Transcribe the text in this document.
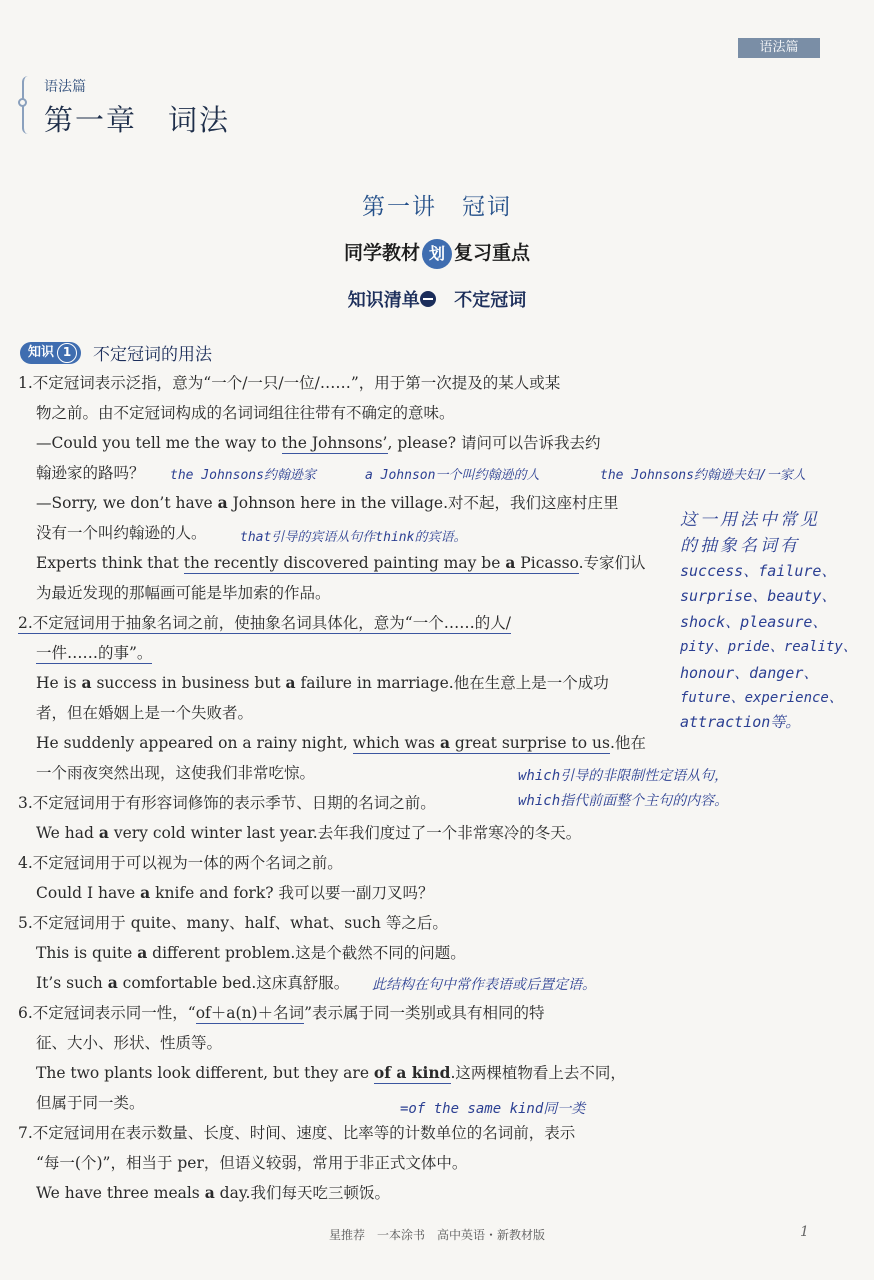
语法篇
语法篇
第一章　词法
第一讲　冠词
同学教材 划 复习重点
知识清单 不定冠词
知识 1 不定冠词的用法
1.不定冠词表示泛指，意为“一个/一只/一位/……”，用于第一次提及的某人或某
物之前。由不定冠词构成的名词词组往往带有不确定的意味。
—Could you tell me the way to the Johnsons’, please? 请问可以告诉我去约
翰逊家的路吗？
—Sorry, we don’t have a Johnson here in the village.对不起，我们这座村庄里
没有一个叫约翰逊的人。
Experts think that the recently discovered painting may be a Picasso.专家们认
为最近发现的那幅画可能是毕加索的作品。
2.不定冠词用于抽象名词之前，使抽象名词具体化，意为“一个……的人/
一件……的事”。
He is a success in business but a failure in marriage.他在生意上是一个成功
者，但在婚姻上是一个失败者。
He suddenly appeared on a rainy night, which was a great surprise to us.他在
一个雨夜突然出现，这使我们非常吃惊。
3.不定冠词用于有形容词修饰的表示季节、日期的名词之前。
We had a very cold winter last year.去年我们度过了一个非常寒冷的冬天。
4.不定冠词用于可以视为一体的两个名词之前。
Could I have a knife and fork? 我可以要一副刀叉吗？
5.不定冠词用于 quite、many、half、what、such 等之后。
This is quite a different problem.这是个截然不同的问题。
It’s such a comfortable bed.这床真舒服。
6.不定冠词表示同一性，“of＋a(n)＋名词”表示属于同一类别或具有相同的特
征、大小、形状、性质等。
The two plants look different, but they are of a kind.这两棵植物看上去不同，
但属于同一类。
7.不定冠词用在表示数量、长度、时间、速度、比率等的计数单位的名词前，表示
“每一(个)”，相当于 per，但语义较弱，常用于非正式文体中。
We have three meals a day.我们每天吃三顿饭。
the Johnsons约翰逊家	a Johnson一个叫约翰逊的人	the Johnsons约翰逊夫妇/一家人
that引导的宾语从句作think的宾语。
这一用法中常见
的抽象名词有
success、failure、
surprise、beauty、
shock、pleasure、
pity、pride、reality、
honour、danger、
future、experience、
attraction等。
which引导的非限制性定语从句，
which指代前面整个主句的内容。
此结构在句中常作表语或后置定语。
=of the same kind同一类
星推荐　一本涂书　高中英语・新教材版	1
